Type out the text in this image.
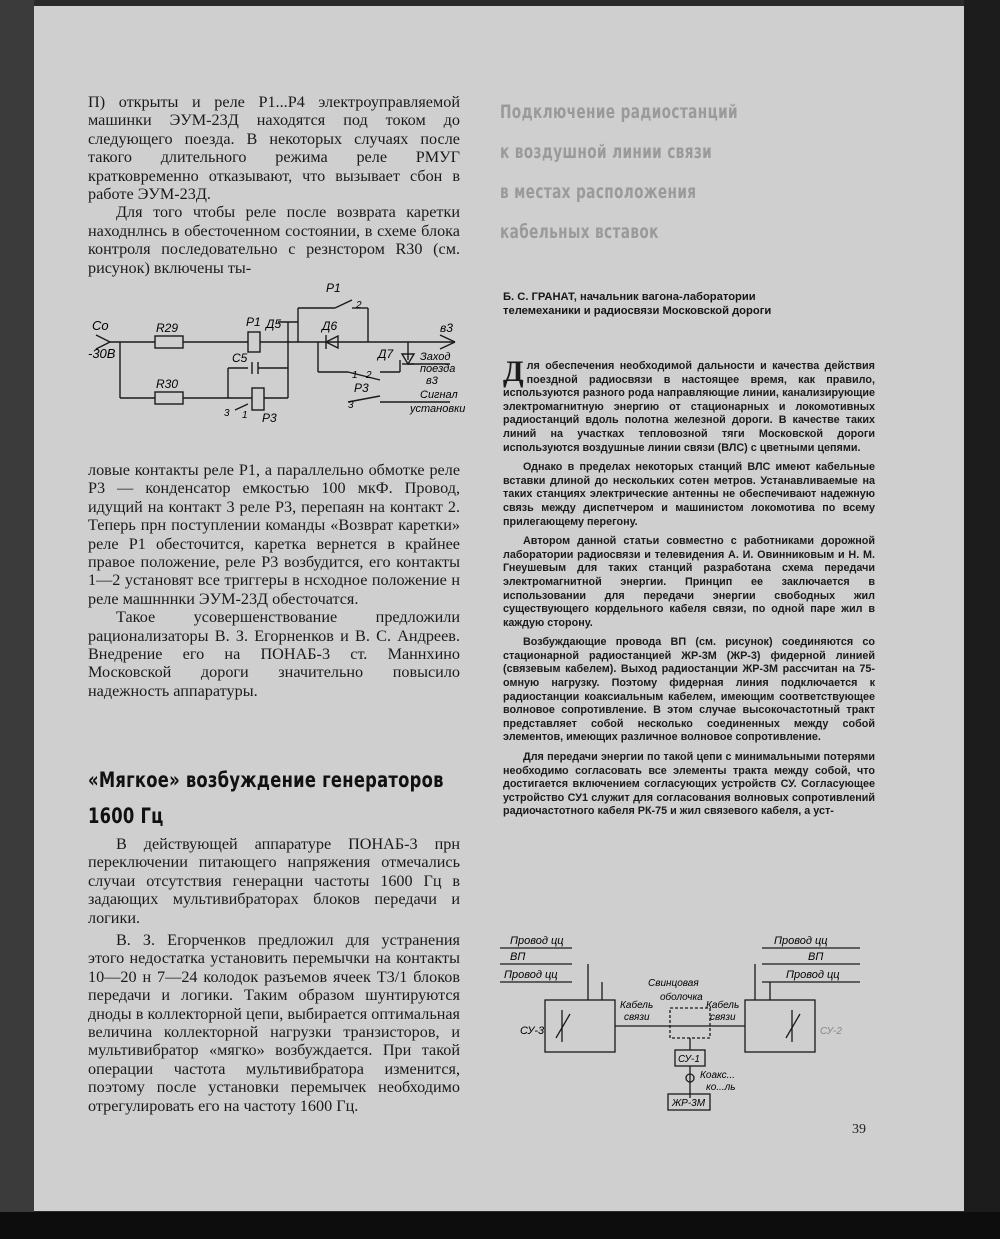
П) открыты и реле Р1...Р4 электроуправляемой машинки ЭУМ-23Д находятся под током до следующего поезда. В некоторых случаях после такого длительного режима реле РМУГ кратковременно отказывают, что вызывает сбон в работе ЭУМ-23Д.

Для того чтобы реле после возврата каретки находнлнсь в обесточенном состоянии, в схеме блока контроля последовательно с резнстором R30 (см. рисунок) включены ты-

Со
-30В
R29
R30
Р1
Р1
Д5	Д6
Д7
С5
Р3
Р3
в3
Заход
поезда
в3
Сигнал
установки
3 1
2
1 2
3

ловые контакты реле Р1, а параллельно обмотке реле Р3 — конденсатор емкостью 100 мкФ. Провод, идущий на контакт 3 реле Р3, перепаян на контакт 2. Теперь прн поступлении команды «Возврат каретки» реле Р1 обесточится, каретка вернется в крайнее правое положение, реле Р3 возбудится, его контакты 1—2 установят все триггеры в нсходное положение н реле машнннки ЭУМ-23Д обесточатся.

Такое усовершенствование предложили рационализаторы В. З. Егорненков и В. С. Андреев. Внедрение его на ПОНАБ-3 ст. Маннхино Московской дороги значительно повысило надежность аппаратуры.

«Мягкое» возбуждение генераторов
1600 Гц

В действующей аппаратуре ПОНАБ-3 прн переключении питающего напряжения отмечались случаи отсутствия генерацни частоты 1600 Гц в задающих мультивибраторах блоков передачи и логики.

В. З. Егорченков предложил для устранения этого недостатка установить перемычки на контакты 10—20 н 7—24 колодок разъемов ячеек Т3/1 блоков передачи и логики. Таким образом шунтируются дноды в коллекторной цепи, выбирается оптимальная величина коллекторной нагрузки транзисторов, и мультивибратор «мягко» возбуждается. При такой операции частота мультивибратора изменится, поэтому после установки перемычек необходимо отрегулировать его на частоту 1600 Гц.

Подключение радиостанций
к воздушной линии связи
в местах расположения
кабельных вставок
Б. С. ГРАНАТ, начальник вагона-лаборатории
телемеханики и радиосвязи Московской дороги

Для обеспечения необходимой дальности и качества действия поездной радиосвязи в настоящее время, как правило, используются разного рода направляющие линии, канализирующие электромагнитную энергию от стационарных и локомотивных радиостанций вдоль полотна железной дороги. В качестве таких линий на участках тепловозной тяги Московской дороги используются воздушные линии связи (ВЛС) с цветными цепями.

Однако в пределах некоторых станций ВЛС имеют кабельные вставки длиной до нескольких сотен метров. Устанавливаемые на таких станциях электрические антенны не обеспечивают надежную связь между диспетчером и машинистом локомотива по всему прилегающему перегону.

Автором данной статьи совместно с работниками дорожной лаборатории радиосвязи и телевидения А. И. Овинниковым и Н. М. Гнеушевым для таких станций разработана схема передачи электромагнитной энергии. Принцип ее заключается в использовании для передачи энергии свободных жил существующего кордельного кабеля связи, по одной паре жил в каждую сторону.

Возбуждающие провода ВП (см. рисунок) соединяются со стационарной радиостанцией ЖР-3М (ЖР-3) фидерной линией (связевым кабелем). Выход радиостанции ЖР-3М рассчитан на 75-омную нагрузку. Поэтому фидерная линия подключается к радиостанции коаксиальным кабелем, имеющим соответствующее волновое сопротивление. В этом случае высокочастотный тракт представляет собой несколько соединенных между собой элементов, имеющих различное волновое сопротивление.

Для передачи энергии по такой цепи с минимальными потерями необходимо согласовать все элементы тракта между собой, что достигается включением согласующих устройств СУ. Согласующее устройство СУ1 служит для согласования волновых сопротивлений радиочастотного кабеля РК-75 и жил связевого кабеля, а уст-

Провод цц
ВП
Провод цц
Провод цц
ВП
Провод цц
Свинцовая
оболочка
Кабель
связи
Кабель
связи
СУ-3	СУ-2
СУ-1
Коакс...
ко...ль
ЖР-3М
39
